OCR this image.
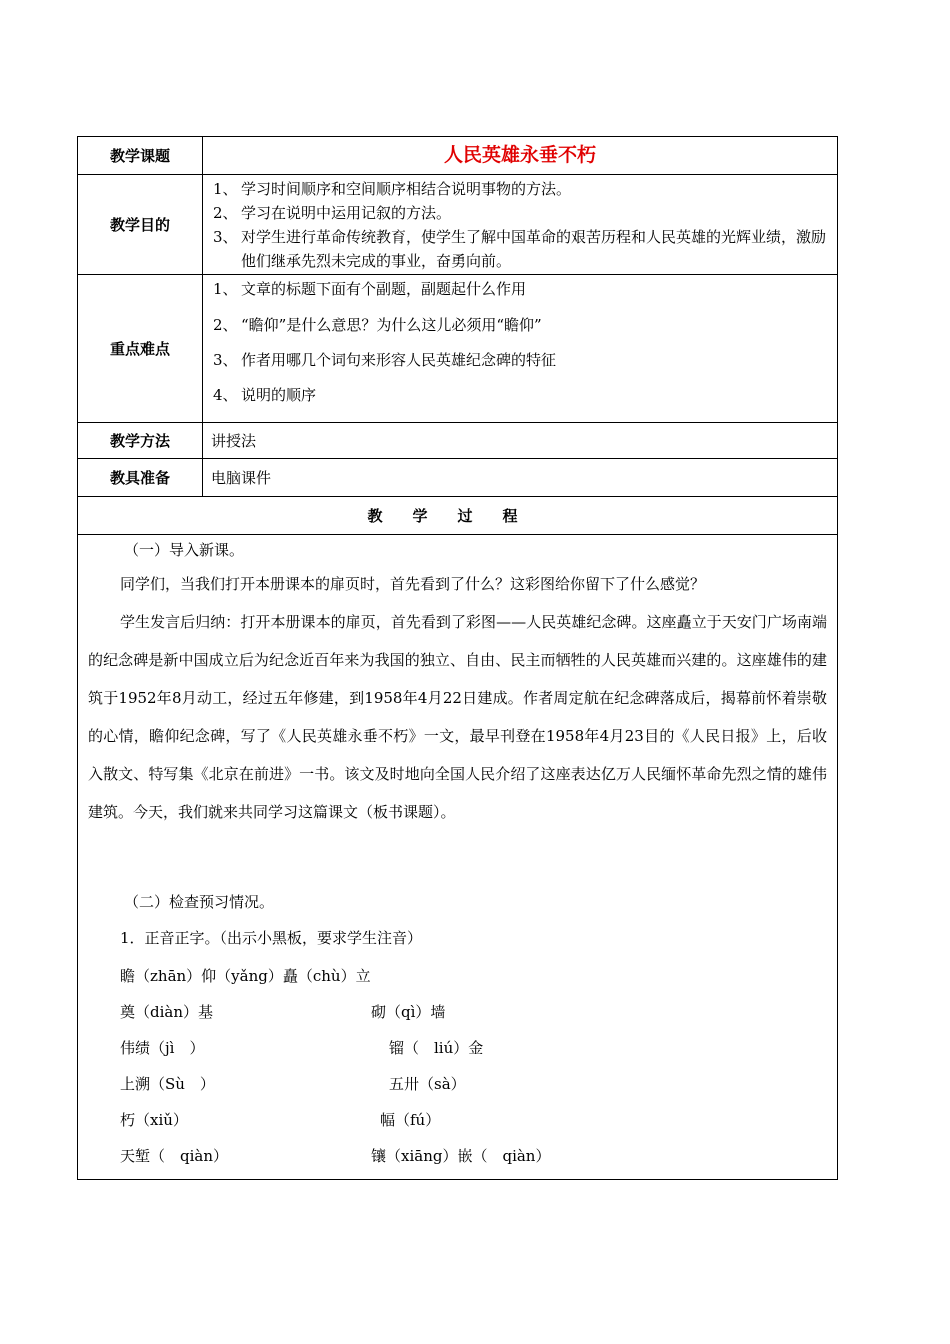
教学课题	人民英雄永垂不朽
教学目的
1、 学习时间顺序和空间顺序相结合说明事物的方法。
2、 学习在说明中运用记叙的方法。
3、 对学生进行革命传统教育，使学生了解中国革命的艰苦历程和人民英雄的光辉业绩，激励他们继承先烈未完成的事业，奋勇向前。
重点难点
1、 文章的标题下面有个副题，副题起什么作用
2、 “瞻仰”是什么意思？为什么这儿必须用“瞻仰”
3、 作者用哪几个词句来形容人民英雄纪念碑的特征
4、 说明的顺序
教学方法	讲授法
教具准备	电脑课件
教学过程
（一）导入新课。
同学们，当我们打开本册课本的扉页时，首先看到了什么？这彩图给你留下了什么感觉？
学生发言后归纳：打开本册课本的扉页，首先看到了彩图——人民英雄纪念碑。这座矗立于天安门广场南端的纪念碑是新中国成立后为纪念近百年来为我国的独立、自由、民主而牺牲的人民英雄而兴建的。这座雄伟的建筑于1952年8月动工，经过五年修建，到1958年4月22日建成。作者周定航在纪念碑落成后，揭幕前怀着崇敬的心情，瞻仰纪念碑，写了《人民英雄永垂不朽》一文，最早刊登在1958年4月23目的《人民日报》上，后收入散文、特写集《北京在前进》一书。该文及时地向全国人民介绍了这座表达亿万人民缅怀革命先烈之情的雄伟建筑。今天，我们就来共同学习这篇课文（板书课题）。
（二）检查预习情况。
1．正音正字。（出示小黑板，要求学生注音）
瞻（zhān）仰（yǎng）矗（chù）立
奠（diàn）基	砌（qì）墙
伟绩（jì　）	镏（　liú）金
上溯（Sù　）	五卅（sà）
朽（xiǔ）	幅（fú）
天堑（　qiàn）	镶（xiāng）嵌（　qiàn）
